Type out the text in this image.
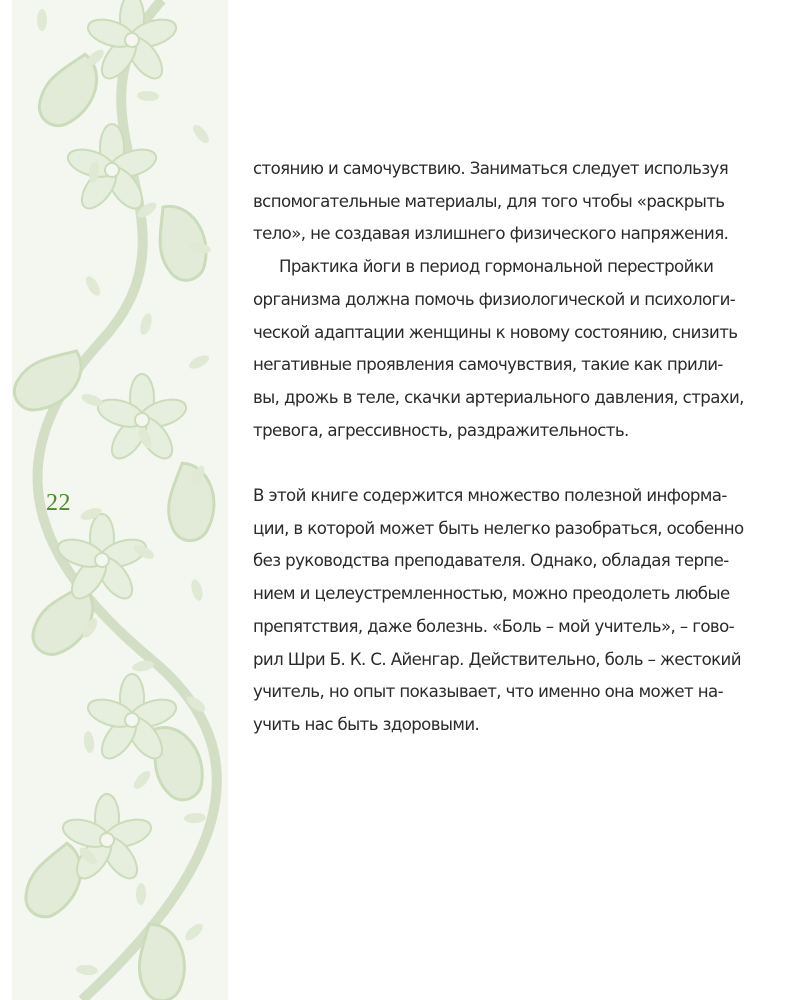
22
стоянию и самочувствию. Заниматься следует используя
вспомогательные материалы, для того чтобы «раскрыть
тело», не создавая излишнего физического напряжения.
Практика йоги в период гормональной перестройки
организма должна помочь физиологической и психологи-
ческой адаптации женщины к новому состоянию, снизить
негативные проявления самочувствия, такие как прили-
вы, дрожь в теле, скачки артериального давления, страхи,
тревога, агрессивность, раздражительность.
В этой книге содержится множество полезной информа-
ции, в которой может быть нелегко разобраться, особенно
без руководства преподавателя. Однако, обладая терпе-
нием и целеустремленностью, можно преодолеть любые
препятствия, даже болезнь. «Боль – мой учитель», – гово-
рил Шри Б. К. С. Айенгар. Действительно, боль – жестокий
учитель, но опыт показывает, что именно она может на-
учить нас быть здоровыми.
